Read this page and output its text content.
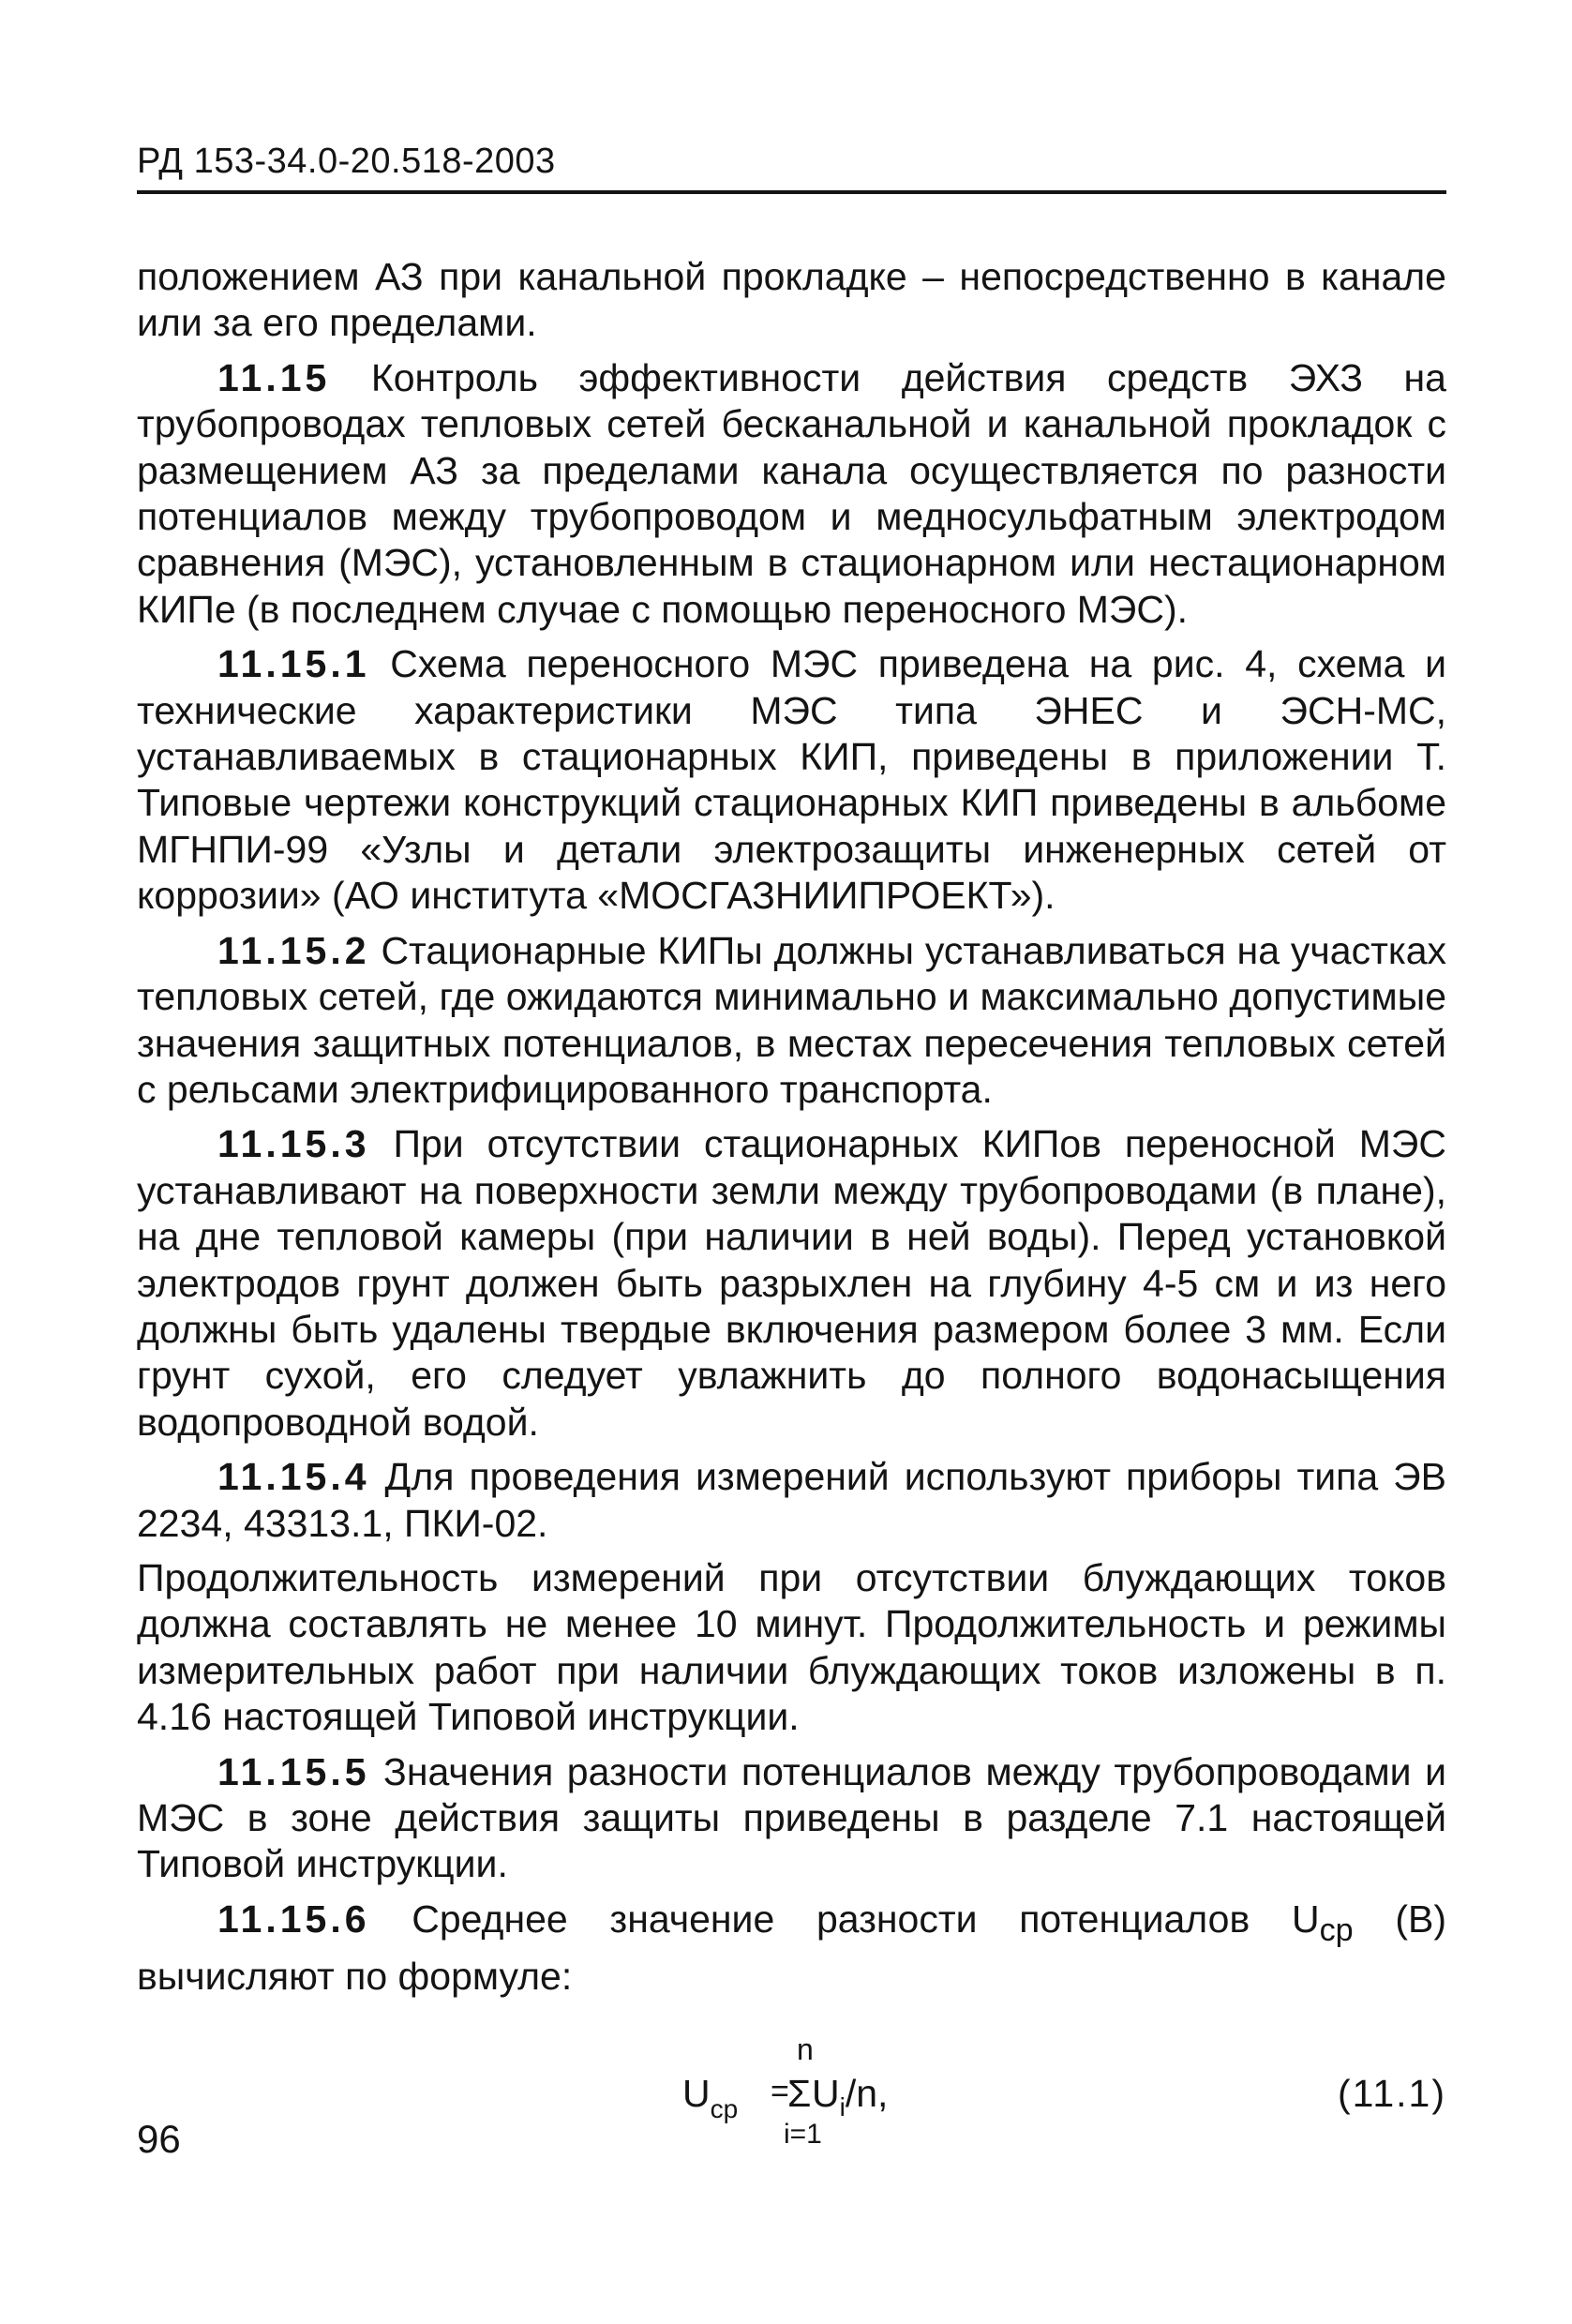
РД 153-34.0-20.518-2003

положением АЗ при канальной прокладке – непосредственно в канале или за его пределами.

11.15 Контроль эффективности действия средств ЭХЗ на трубопроводах тепловых сетей бесканальной и канальной прокладок с размещением АЗ за пределами канала осуществляется по разности потенциалов между трубопроводом и медносульфатным электродом сравнения (МЭС), установленным в стационарном или нестационарном КИПе (в последнем случае с помощью переносного МЭС).

11.15.1 Схема переносного МЭС приведена на рис. 4, схема и технические характеристики МЭС типа ЭНЕС и ЭСН-МС, устанавливаемых в стационарных КИП, приведены в приложении Т. Типовые чертежи конструкций стационарных КИП приведены в альбоме МГНПИ-99 «Узлы и детали электрозащиты инженерных сетей от коррозии» (АО института «МОСГАЗНИИПРОЕКТ»).

11.15.2 Стационарные КИПы должны устанавливаться на участках тепловых сетей, где ожидаются минимально и максимально допустимые значения защитных потенциалов, в местах пересечения тепловых сетей с рельсами электрифицированного транспорта.

11.15.3 При отсутствии стационарных КИПов переносной МЭС устанавливают на поверхности земли между трубопроводами (в плане), на дне тепловой камеры (при наличии в ней воды). Перед установкой электродов грунт должен быть разрыхлен на глубину 4-5 см и из него должны быть удалены твердые включения размером более 3 мм. Если грунт сухой, его следует увлажнить до полного водонасыщения водопроводной водой.

11.15.4 Для проведения измерений используют приборы типа ЭВ 2234, 43313.1, ПКИ-02.

Продолжительность измерений при отсутствии блуждающих токов должна составлять не менее 10 минут. Продолжительность и режимы измерительных работ при наличии блуждающих токов изложены в п. 4.16 настоящей Типовой инструкции.

11.15.5 Значения разности потенциалов между трубопроводами и МЭС в зоне действия защиты приведены в разделе 7.1 настоящей Типовой инструкции.

11.15.6 Среднее значение разности потенциалов $U_{ср}$ (В) вычисляют по формуле:

$U_{ср}$ =
n
Σ $U_i/n$,
i=1
(11.1)
96
